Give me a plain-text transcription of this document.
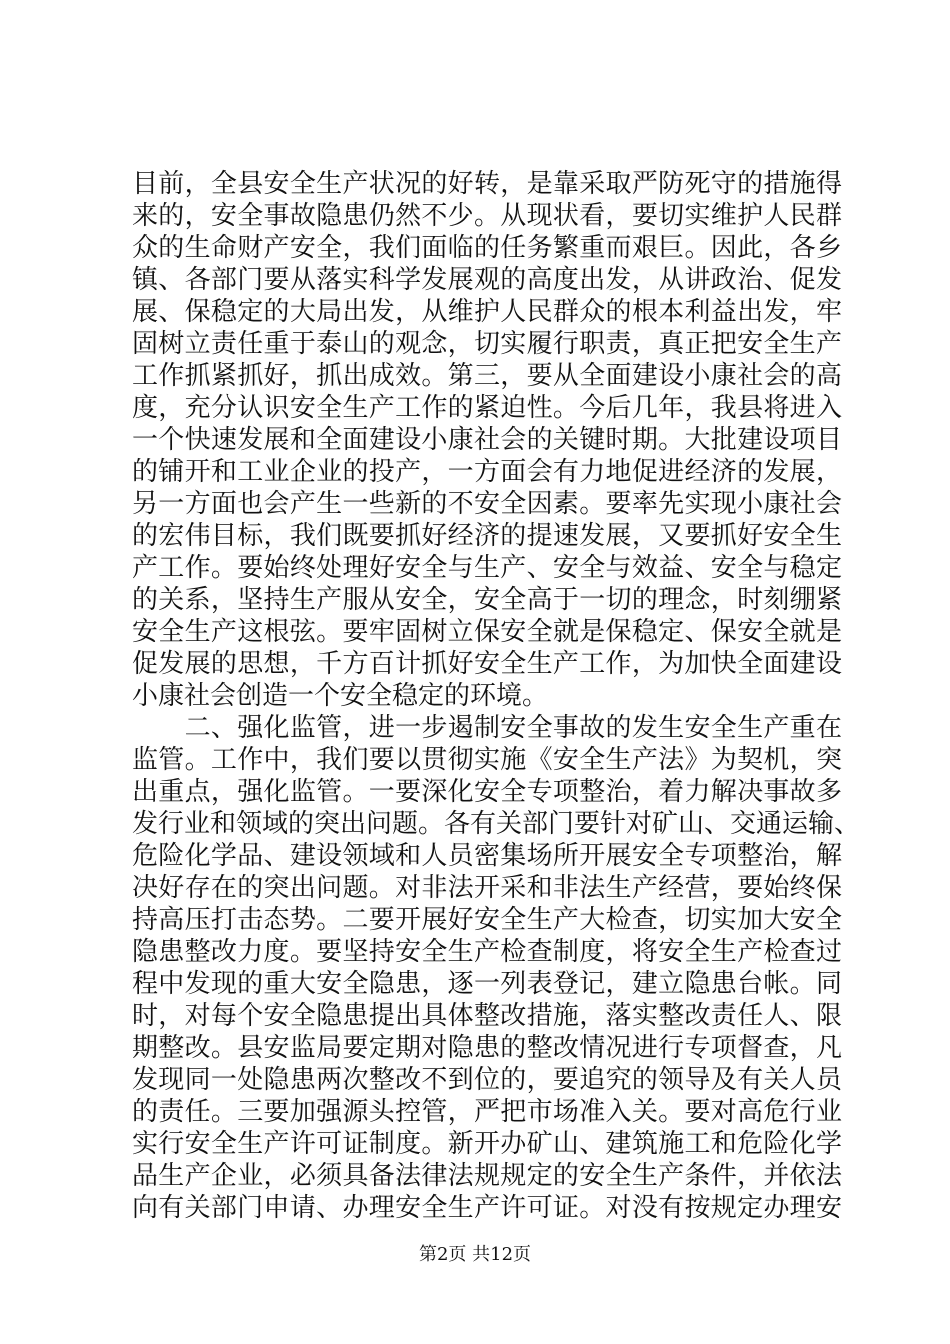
目前，全县安全生产状况的好转，是靠采取严防死守的措施得
来的，安全事故隐患仍然不少。从现状看，要切实维护人民群
众的生命财产安全，我们面临的任务繁重而艰巨。因此，各乡
镇、各部门要从落实科学发展观的高度出发，从讲政治、促发
展、保稳定的大局出发，从维护人民群众的根本利益出发，牢
固树立责任重于泰山的观念，切实履行职责，真正把安全生产
工作抓紧抓好，抓出成效。第三，要从全面建设小康社会的高
度，充分认识安全生产工作的紧迫性。今后几年，我县将进入
一个快速发展和全面建设小康社会的关键时期。大批建设项目
的铺开和工业企业的投产，一方面会有力地促进经济的发展，
另一方面也会产生一些新的不安全因素。要率先实现小康社会
的宏伟目标，我们既要抓好经济的提速发展，又要抓好安全生
产工作。要始终处理好安全与生产、安全与效益、安全与稳定
的关系，坚持生产服从安全，安全高于一切的理念，时刻绷紧
安全生产这根弦。要牢固树立保安全就是保稳定、保安全就是
促发展的思想，千方百计抓好安全生产工作，为加快全面建设
小康社会创造一个安全稳定的环境。
　　二、强化监管，进一步遏制安全事故的发生安全生产重在
监管。工作中，我们要以贯彻实施《安全生产法》为契机，突
出重点，强化监管。一要深化安全专项整治，着力解决事故多
发行业和领域的突出问题。各有关部门要针对矿山、交通运输、
危险化学品、建设领域和人员密集场所开展安全专项整治，解
决好存在的突出问题。对非法开采和非法生产经营，要始终保
持高压打击态势。二要开展好安全生产大检查，切实加大安全
隐患整改力度。要坚持安全生产检查制度，将安全生产检查过
程中发现的重大安全隐患，逐一列表登记，建立隐患台帐。同
时，对每个安全隐患提出具体整改措施，落实整改责任人、限
期整改。县安监局要定期对隐患的整改情况进行专项督查，凡
发现同一处隐患两次整改不到位的，要追究的领导及有关人员
的责任。三要加强源头控管，严把市场准入关。要对高危行业
实行安全生产许可证制度。新开办矿山、建筑施工和危险化学
品生产企业，必须具备法律法规规定的安全生产条件，并依法
向有关部门申请、办理安全生产许可证。对没有按规定办理安
第2页 共12页
